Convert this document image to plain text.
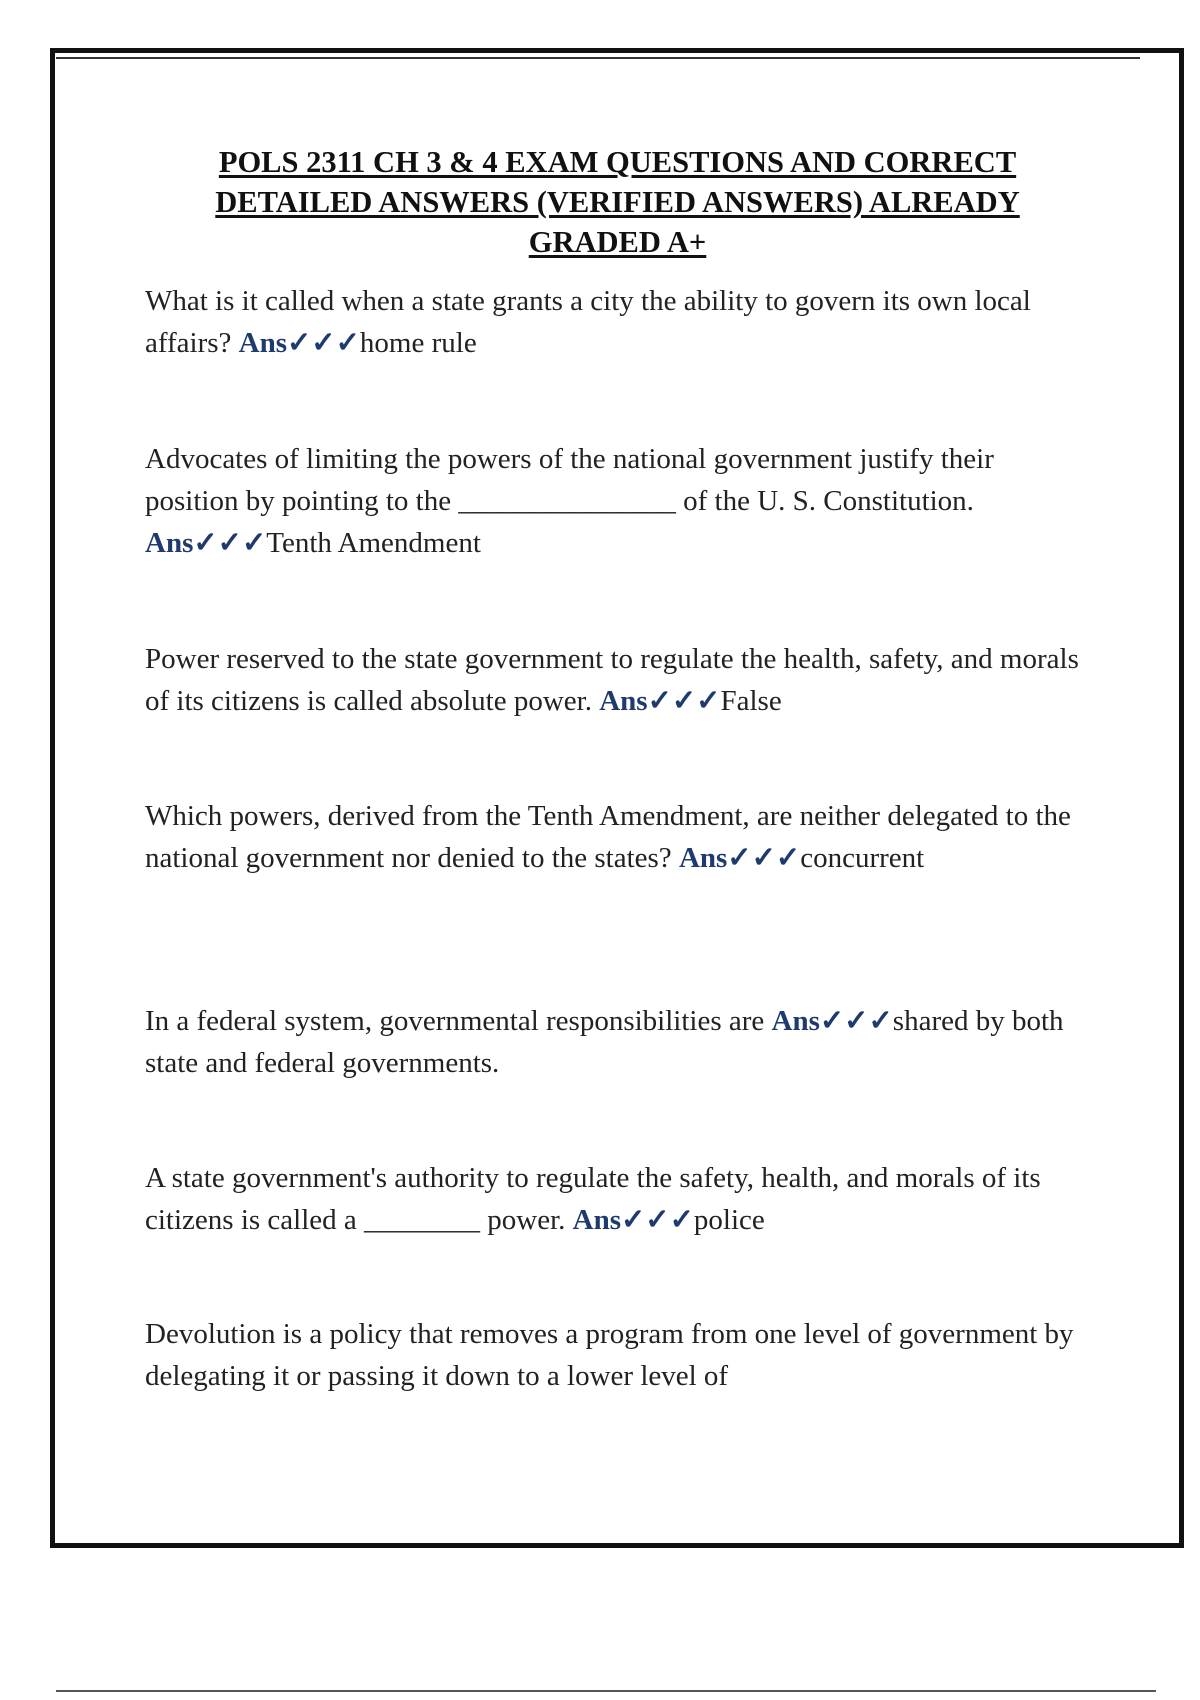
POLS 2311 CH 3 & 4 EXAM QUESTIONS AND CORRECT DETAILED ANSWERS (VERIFIED ANSWERS) ALREADY GRADED A+
What is it called when a state grants a city the ability to govern its own local affairs? Ans✓✓✓home rule
Advocates of limiting the powers of the national government justify their position by pointing to the _______________ of the U. S. Constitution. Ans✓✓✓Tenth Amendment
Power reserved to the state government to regulate the health, safety, and morals of its citizens is called absolute power. Ans✓✓✓False
Which powers, derived from the Tenth Amendment, are neither delegated to the national government nor denied to the states? Ans✓✓✓concurrent
In a federal system, governmental responsibilities are Ans✓✓✓shared by both state and federal governments.
A state government's authority to regulate the safety, health, and morals of its citizens is called a ________ power. Ans✓✓✓police
Devolution is a policy that removes a program from one level of government by delegating it or passing it down to a lower level of
